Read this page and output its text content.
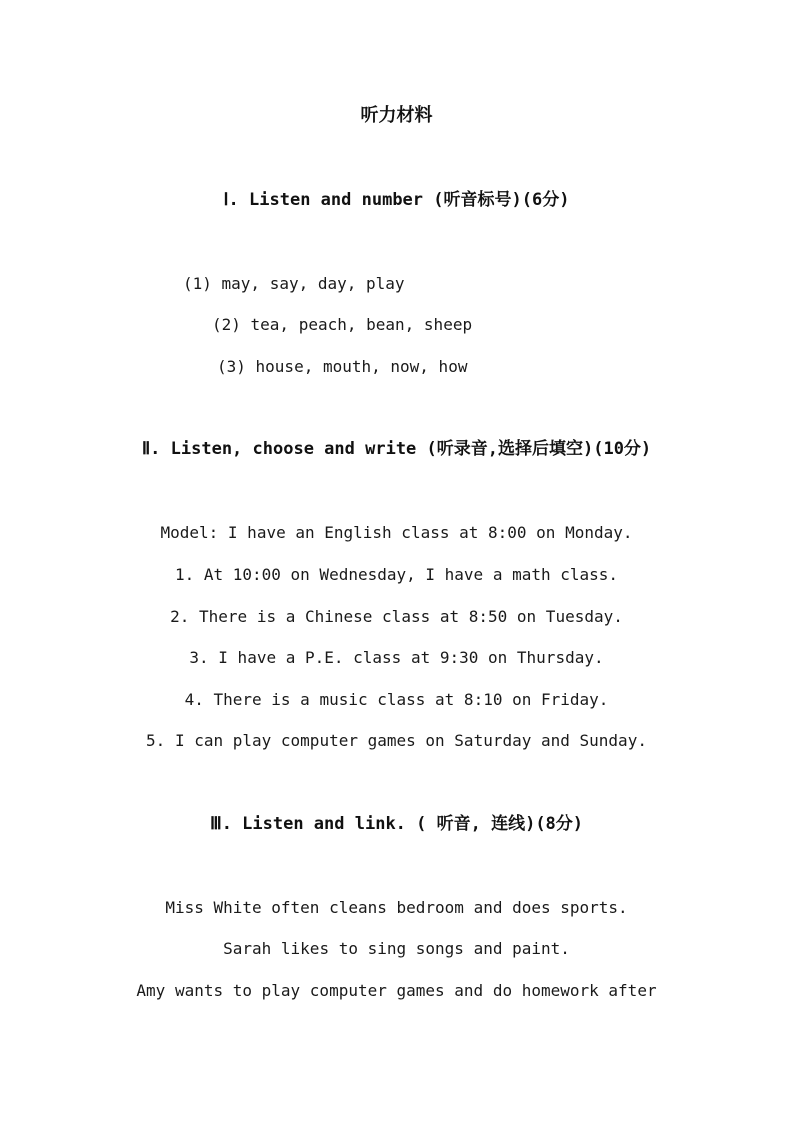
听力材料
Ⅰ. Listen and number (听音标号)(6分)
(1) may, say, day, play
(2) tea, peach, bean, sheep
(3) house, mouth, now, how
Ⅱ. Listen, choose and write (听录音,选择后填空)(10分)
Model: I have an English class at 8:00 on Monday.
1. At 10:00 on Wednesday, I have a math class.
2. There is a Chinese class at 8:50 on Tuesday.
3. I have a P.E. class at 9:30 on Thursday.
4. There is a music class at 8:10 on Friday.
5. I can play computer games on Saturday and Sunday.
Ⅲ. Listen and link. ( 听音, 连线)(8分)
Miss White often cleans bedroom and does sports.
Sarah likes to sing songs and paint.
Amy wants to play computer games and do homework after
